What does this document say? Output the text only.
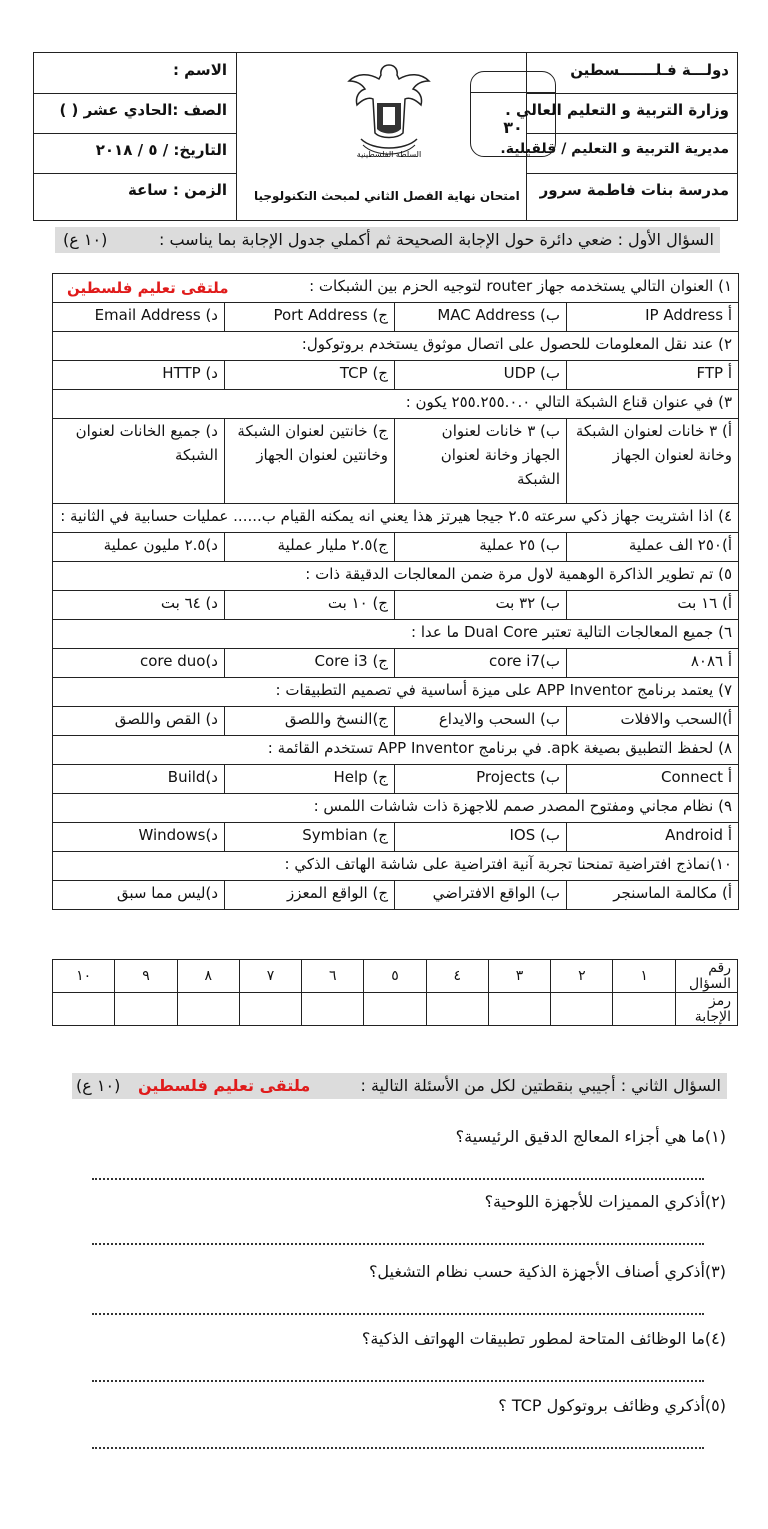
دولـــة فـلـــــــسطين
وزارة التربية و التعليم العالي .
مديرية التربية و التعليم / قلقيلية.
مدرسة بنات فاطمة سرور
الاسم :
الصف :الحادي عشر ( )
التاريخ: / ٥ / ٢٠١٨
الزمن : ساعة
٣٠
السلطة الفلسطينية
امتحان نهاية الفصل الثاني لمبحث التكنولوجيا
السؤال الأول : ضعي دائرة حول الإجابة الصحيحة ثم أكملي جدول الإجابة بما يناسب :
(١٠ ع)
١) العنوان التالي يستخدمه جهاز router لتوجيه الحزم بين الشبكات :
ملتقى تعليم فلسطين			

أ IP Address	ب) MAC Address	ج) Port Address	د) Email Address
٢) عند نقل المعلومات للحصول على اتصال موثوق يستخدم بروتوكول:			
أ FTP	ب) UDP	ج) TCP	د) HTTP
٣) في عنوان قناع الشبكة التالي ٢٥٥.٢٥٥.٠.٠ يكون :			
أ) ٣ خانات لعنوان الشبكة وخانة لعنوان الجهاز	ب) ٣ خانات لعنوان الجهاز وخانة لعنوان الشبكة	ج) خانتين لعنوان الشبكة وخانتين لعنوان الجهاز	د) جميع الخانات لعنوان الشبكة
٤) اذا اشتريت جهاز ذكي سرعته ٢.٥ جيجا هيرتز هذا يعني انه يمكنه القيام ب...... عمليات حسابية في الثانية :			
أ)٢٥٠ الف عملية	ب) ٢٥ عملية	ج)٢.٥ مليار عملية	د)٢.٥ مليون عملية
٥) تم تطوير الذاكرة الوهمية لاول مرة ضمن المعالجات الدقيقة ذات :			
أ) ١٦ بت	ب) ٣٢ بت	ج) ١٠ بت	د) ٦٤ بت
٦) جميع المعالجات التالية تعتبر Dual Core ما عدا :			
أ ٨٠٨٦	ب)core i7	ج) Core i3	د)core duo
٧) يعتمد برنامج APP Inventor على ميزة أساسية في تصميم التطبيقات :			
أ)السحب والافلات	ب) السحب والايداع	ج)النسخ واللصق	د) القص واللصق
٨) لحفظ التطبيق بصيغة apk. في برنامج APP Inventor تستخدم القائمة :			
أ Connect	ب) Projects	ج) Help	د)Build
٩) نظام مجاني ومفتوح المصدر صمم للاجهزة ذات شاشات اللمس :			
أ Android	ب) IOS	ج) Symbian	د)Windows
١٠)نماذج افتراضية تمنحنا تجربة آنية افتراضية على شاشة الهاتف الذكي :			
أ) مكالمة الماسنجر	ب) الواقع الافتراضي	ج) الواقع المعزز	د)ليس مما سبق
رقم السؤال	١	٢	٣	٤	٥	٦	٧	٨	٩	١٠
رمز الإجابة										
السؤال الثاني : أجيبي بنقطتين لكل من الأسئلة التالية :
ملتقى تعليم فلسطين
(١٠ ع)
(١)ما هي أجزاء المعالج الدقيق الرئيسية؟
(٢)أذكري المميزات للأجهزة اللوحية؟
(٣)أذكري أصناف الأجهزة الذكية حسب نظام التشغيل؟
(٤)ما الوظائف المتاحة لمطور تطبيقات الهواتف الذكية؟
(٥)أذكري وظائف بروتوكول TCP ؟
